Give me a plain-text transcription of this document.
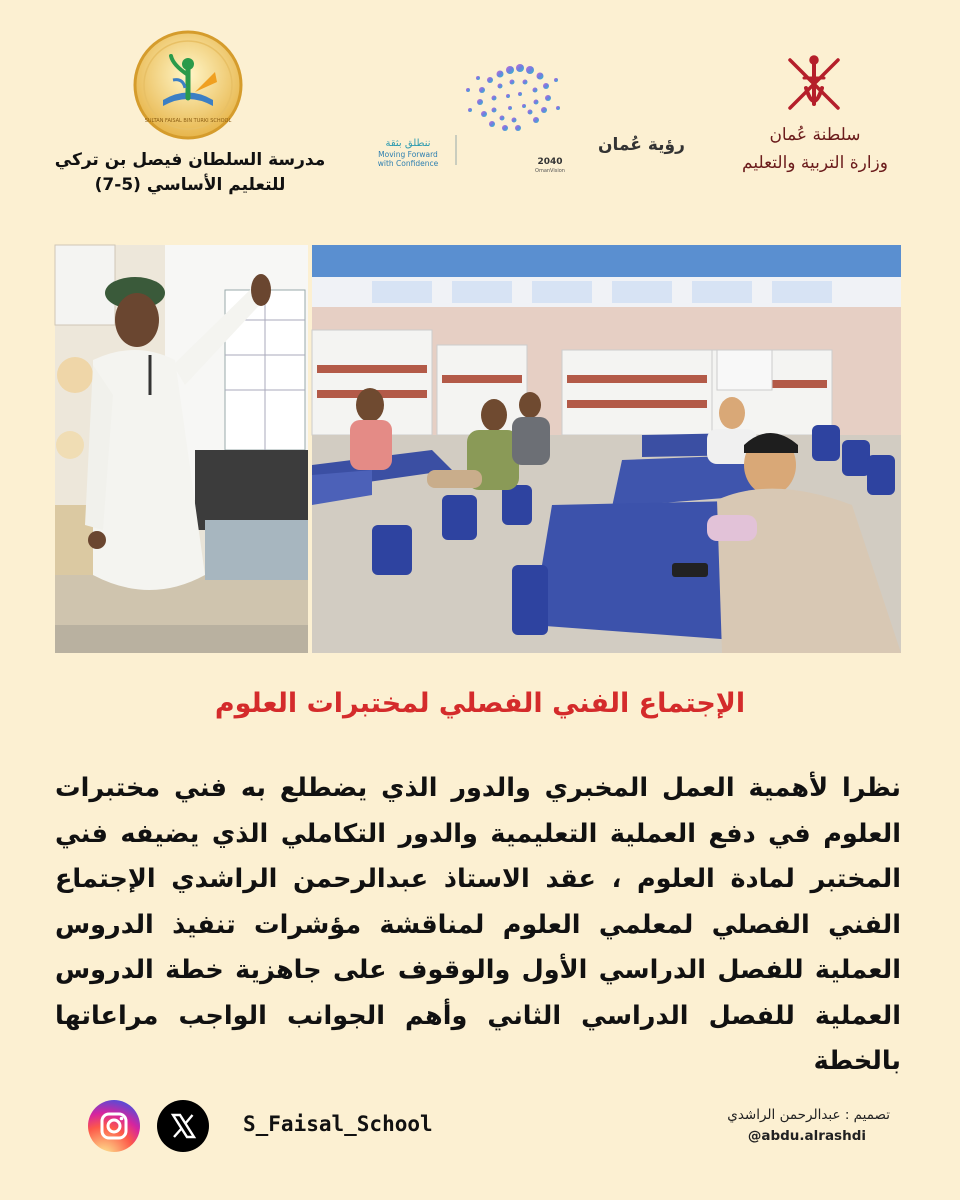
SULTAN FAISAL BIN TURKI SCHOOL
مدرسة السلطان فيصل بن تركي
للتعليم الأساسي (5-7)
رؤية عُمان
2040
OmanVision
ننطلق بثقة
Moving Forward
with Confidence
سلطنة عُمان
وزارة التربية والتعليم
الإجتماع الفني الفصلي لمختبرات العلوم
نظرا لأهمية العمل المخبري والدور الذي يضطلع به فني مختبرات العلوم في دفع العملية التعليمية والدور التكاملي الذي يضيفه فني المختبر لمادة العلوم ، عقد الاستاذ عبدالرحمن الراشدي الإجتماع الفني الفصلي لمعلمي العلوم لمناقشة مؤشرات تنفيذ الدروس العملية للفصل الدراسي الأول والوقوف على جاهزية خطة الدروس العملية للفصل الدراسي الثاني وأهم الجوانب الواجب مراعاتها بالخطة
S_Faisal_School	تصميم : عبدالرحمن الراشدي
@abdu.alrashdi
